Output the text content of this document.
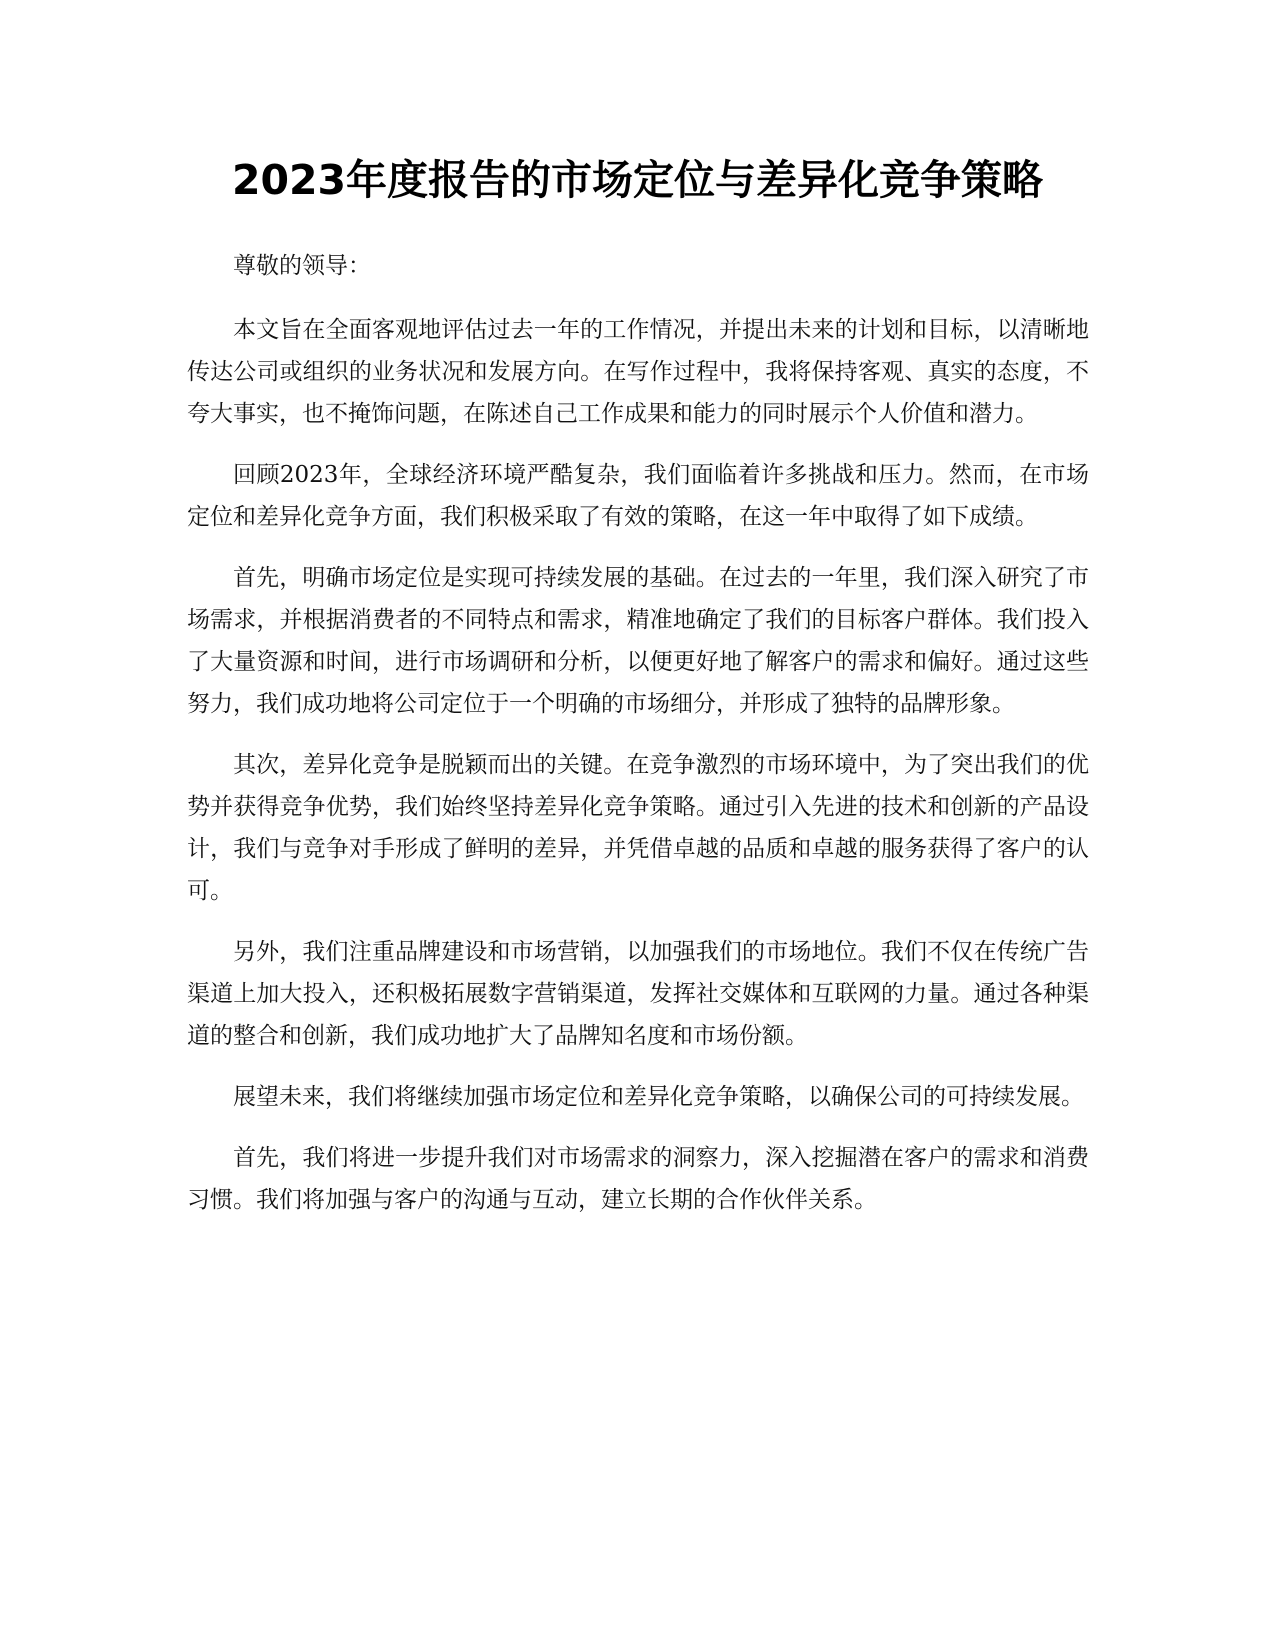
2023年度报告的市场定位与差异化竞争策略

尊敬的领导：

本文旨在全面客观地评估过去一年的工作情况，并提出未来的计划和目标，以清晰地传达公司或组织的业务状况和发展方向。在写作过程中，我将保持客观、真实的态度，不夸大事实，也不掩饰问题，在陈述自己工作成果和能力的同时展示个人价值和潜力。

回顾2023年，全球经济环境严酷复杂，我们面临着许多挑战和压力。然而，在市场定位和差异化竞争方面，我们积极采取了有效的策略，在这一年中取得了如下成绩。

首先，明确市场定位是实现可持续发展的基础。在过去的一年里，我们深入研究了市场需求，并根据消费者的不同特点和需求，精准地确定了我们的目标客户群体。我们投入了大量资源和时间，进行市场调研和分析，以便更好地了解客户的需求和偏好。通过这些努力，我们成功地将公司定位于一个明确的市场细分，并形成了独特的品牌形象。

其次，差异化竞争是脱颖而出的关键。在竞争激烈的市场环境中，为了突出我们的优势并获得竞争优势，我们始终坚持差异化竞争策略。通过引入先进的技术和创新的产品设计，我们与竞争对手形成了鲜明的差异，并凭借卓越的品质和卓越的服务获得了客户的认可。

另外，我们注重品牌建设和市场营销，以加强我们的市场地位。我们不仅在传统广告渠道上加大投入，还积极拓展数字营销渠道，发挥社交媒体和互联网的力量。通过各种渠道的整合和创新，我们成功地扩大了品牌知名度和市场份额。

展望未来，我们将继续加强市场定位和差异化竞争策略，以确保公司的可持续发展。

首先，我们将进一步提升我们对市场需求的洞察力，深入挖掘潜在客户的需求和消费习惯。我们将加强与客户的沟通与互动，建立长期的合作伙伴关系。
